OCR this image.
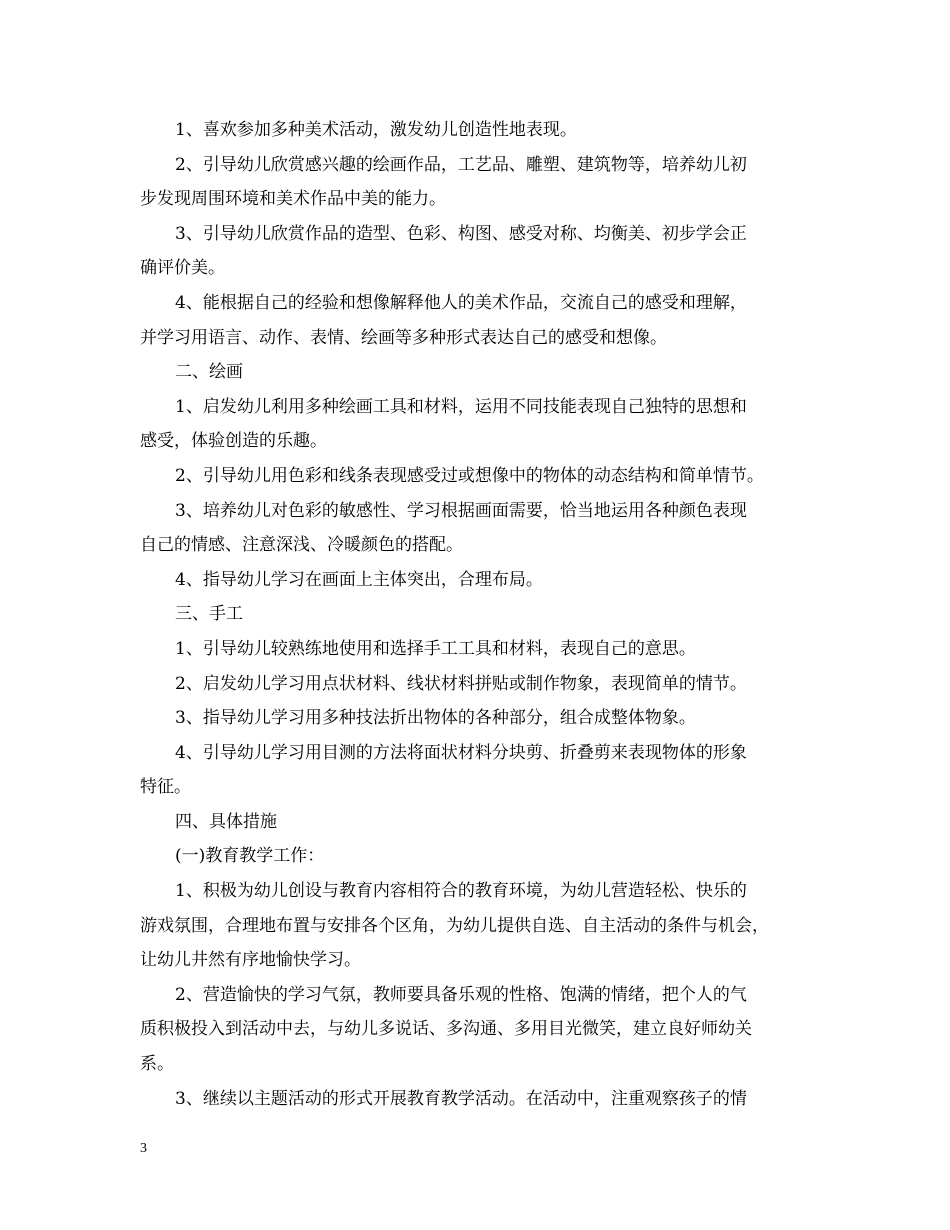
1、喜欢参加多种美术活动，激发幼儿创造性地表现。
2、引导幼儿欣赏感兴趣的绘画作品，工艺品、雕塑、建筑物等，培养幼儿初
步发现周围环境和美术作品中美的能力。
3、引导幼儿欣赏作品的造型、色彩、构图、感受对称、均衡美、初步学会正
确评价美。
4、能根据自己的经验和想像解释他人的美术作品，交流自己的感受和理解，
并学习用语言、动作、表情、绘画等多种形式表达自己的感受和想像。
二、绘画
1、启发幼儿利用多种绘画工具和材料，运用不同技能表现自己独特的思想和
感受，体验创造的乐趣。
2、引导幼儿用色彩和线条表现感受过或想像中的物体的动态结构和简单情节。
3、培养幼儿对色彩的敏感性、学习根据画面需要，恰当地运用各种颜色表现
自己的情感、注意深浅、冷暖颜色的搭配。
4、指导幼儿学习在画面上主体突出，合理布局。
三、手工
1、引导幼儿较熟练地使用和选择手工工具和材料，表现自己的意思。
2、启发幼儿学习用点状材料、线状材料拼贴或制作物象，表现简单的情节。
3、指导幼儿学习用多种技法折出物体的各种部分，组合成整体物象。
4、引导幼儿学习用目测的方法将面状材料分块剪、折叠剪来表现物体的形象
特征。
四、具体措施
(一)教育教学工作：
1、积极为幼儿创设与教育内容相符合的教育环境，为幼儿营造轻松、快乐的
游戏氛围，合理地布置与安排各个区角，为幼儿提供自选、自主活动的条件与机会，
让幼儿井然有序地愉快学习。
2、营造愉快的学习气氛，教师要具备乐观的性格、饱满的情绪，把个人的气
质积极投入到活动中去，与幼儿多说话、多沟通、多用目光微笑，建立良好师幼关
系。
3、继续以主题活动的形式开展教育教学活动。在活动中，注重观察孩子的情
3
